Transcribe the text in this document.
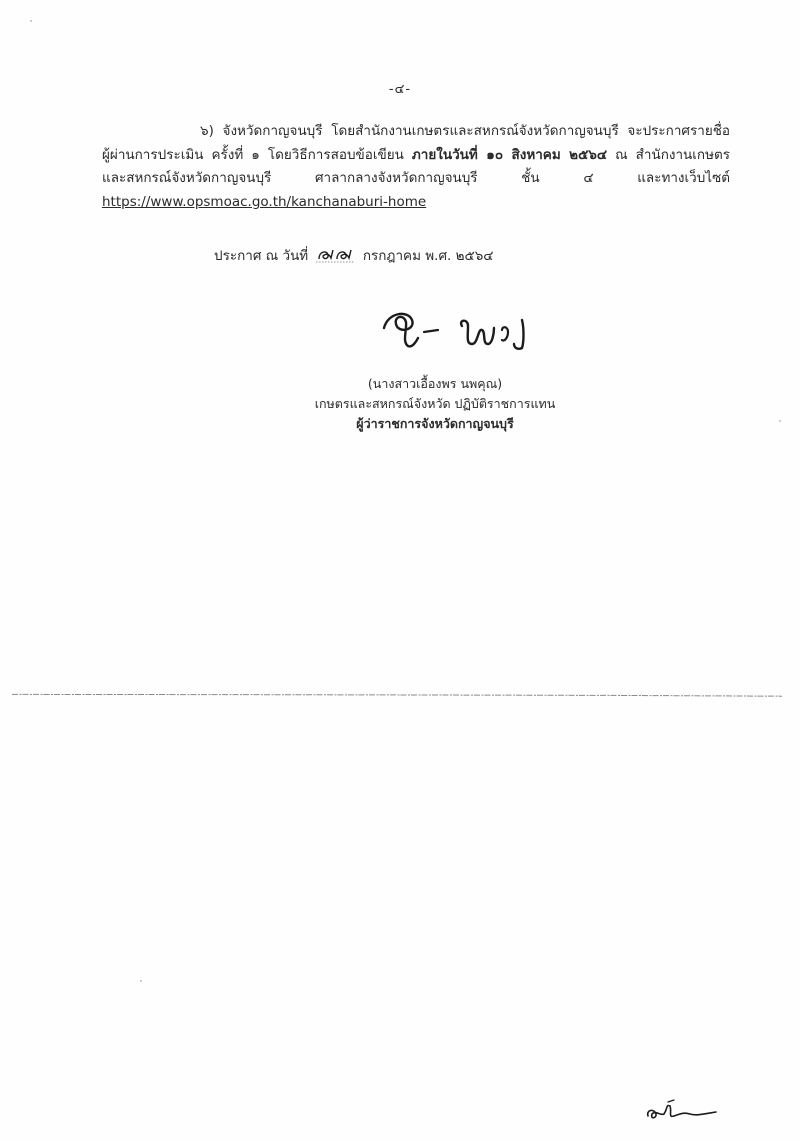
-๔-
๖) จังหวัดกาญจนบุรี โดยสำนักงานเกษตรและสหกรณ์จังหวัดกาญจนบุรี จะประกาศรายชื่อ
ผู้ผ่านการประเมิน ครั้งที่ ๑ โดยวิธีการสอบข้อเขียน ภายในวันที่ ๑๐ สิงหาคม ๒๕๖๔ ณ สำนักงานเกษตร
และสหกรณ์จังหวัดกาญจนบุรี ศาลากลางจังหวัดกาญจนบุรี ชั้น ๔ และทางเว็บไซต์
https://www.opsmoac.go.th/kanchanaburi-home
ประกาศ ณ วันที่	กรกฎาคม พ.ศ. ๒๕๖๔
(นางสาวเอื้องพร นพคุณ)
เกษตรและสหกรณ์จังหวัด ปฏิบัติราชการแทน
ผู้ว่าราชการจังหวัดกาญจนบุรี
